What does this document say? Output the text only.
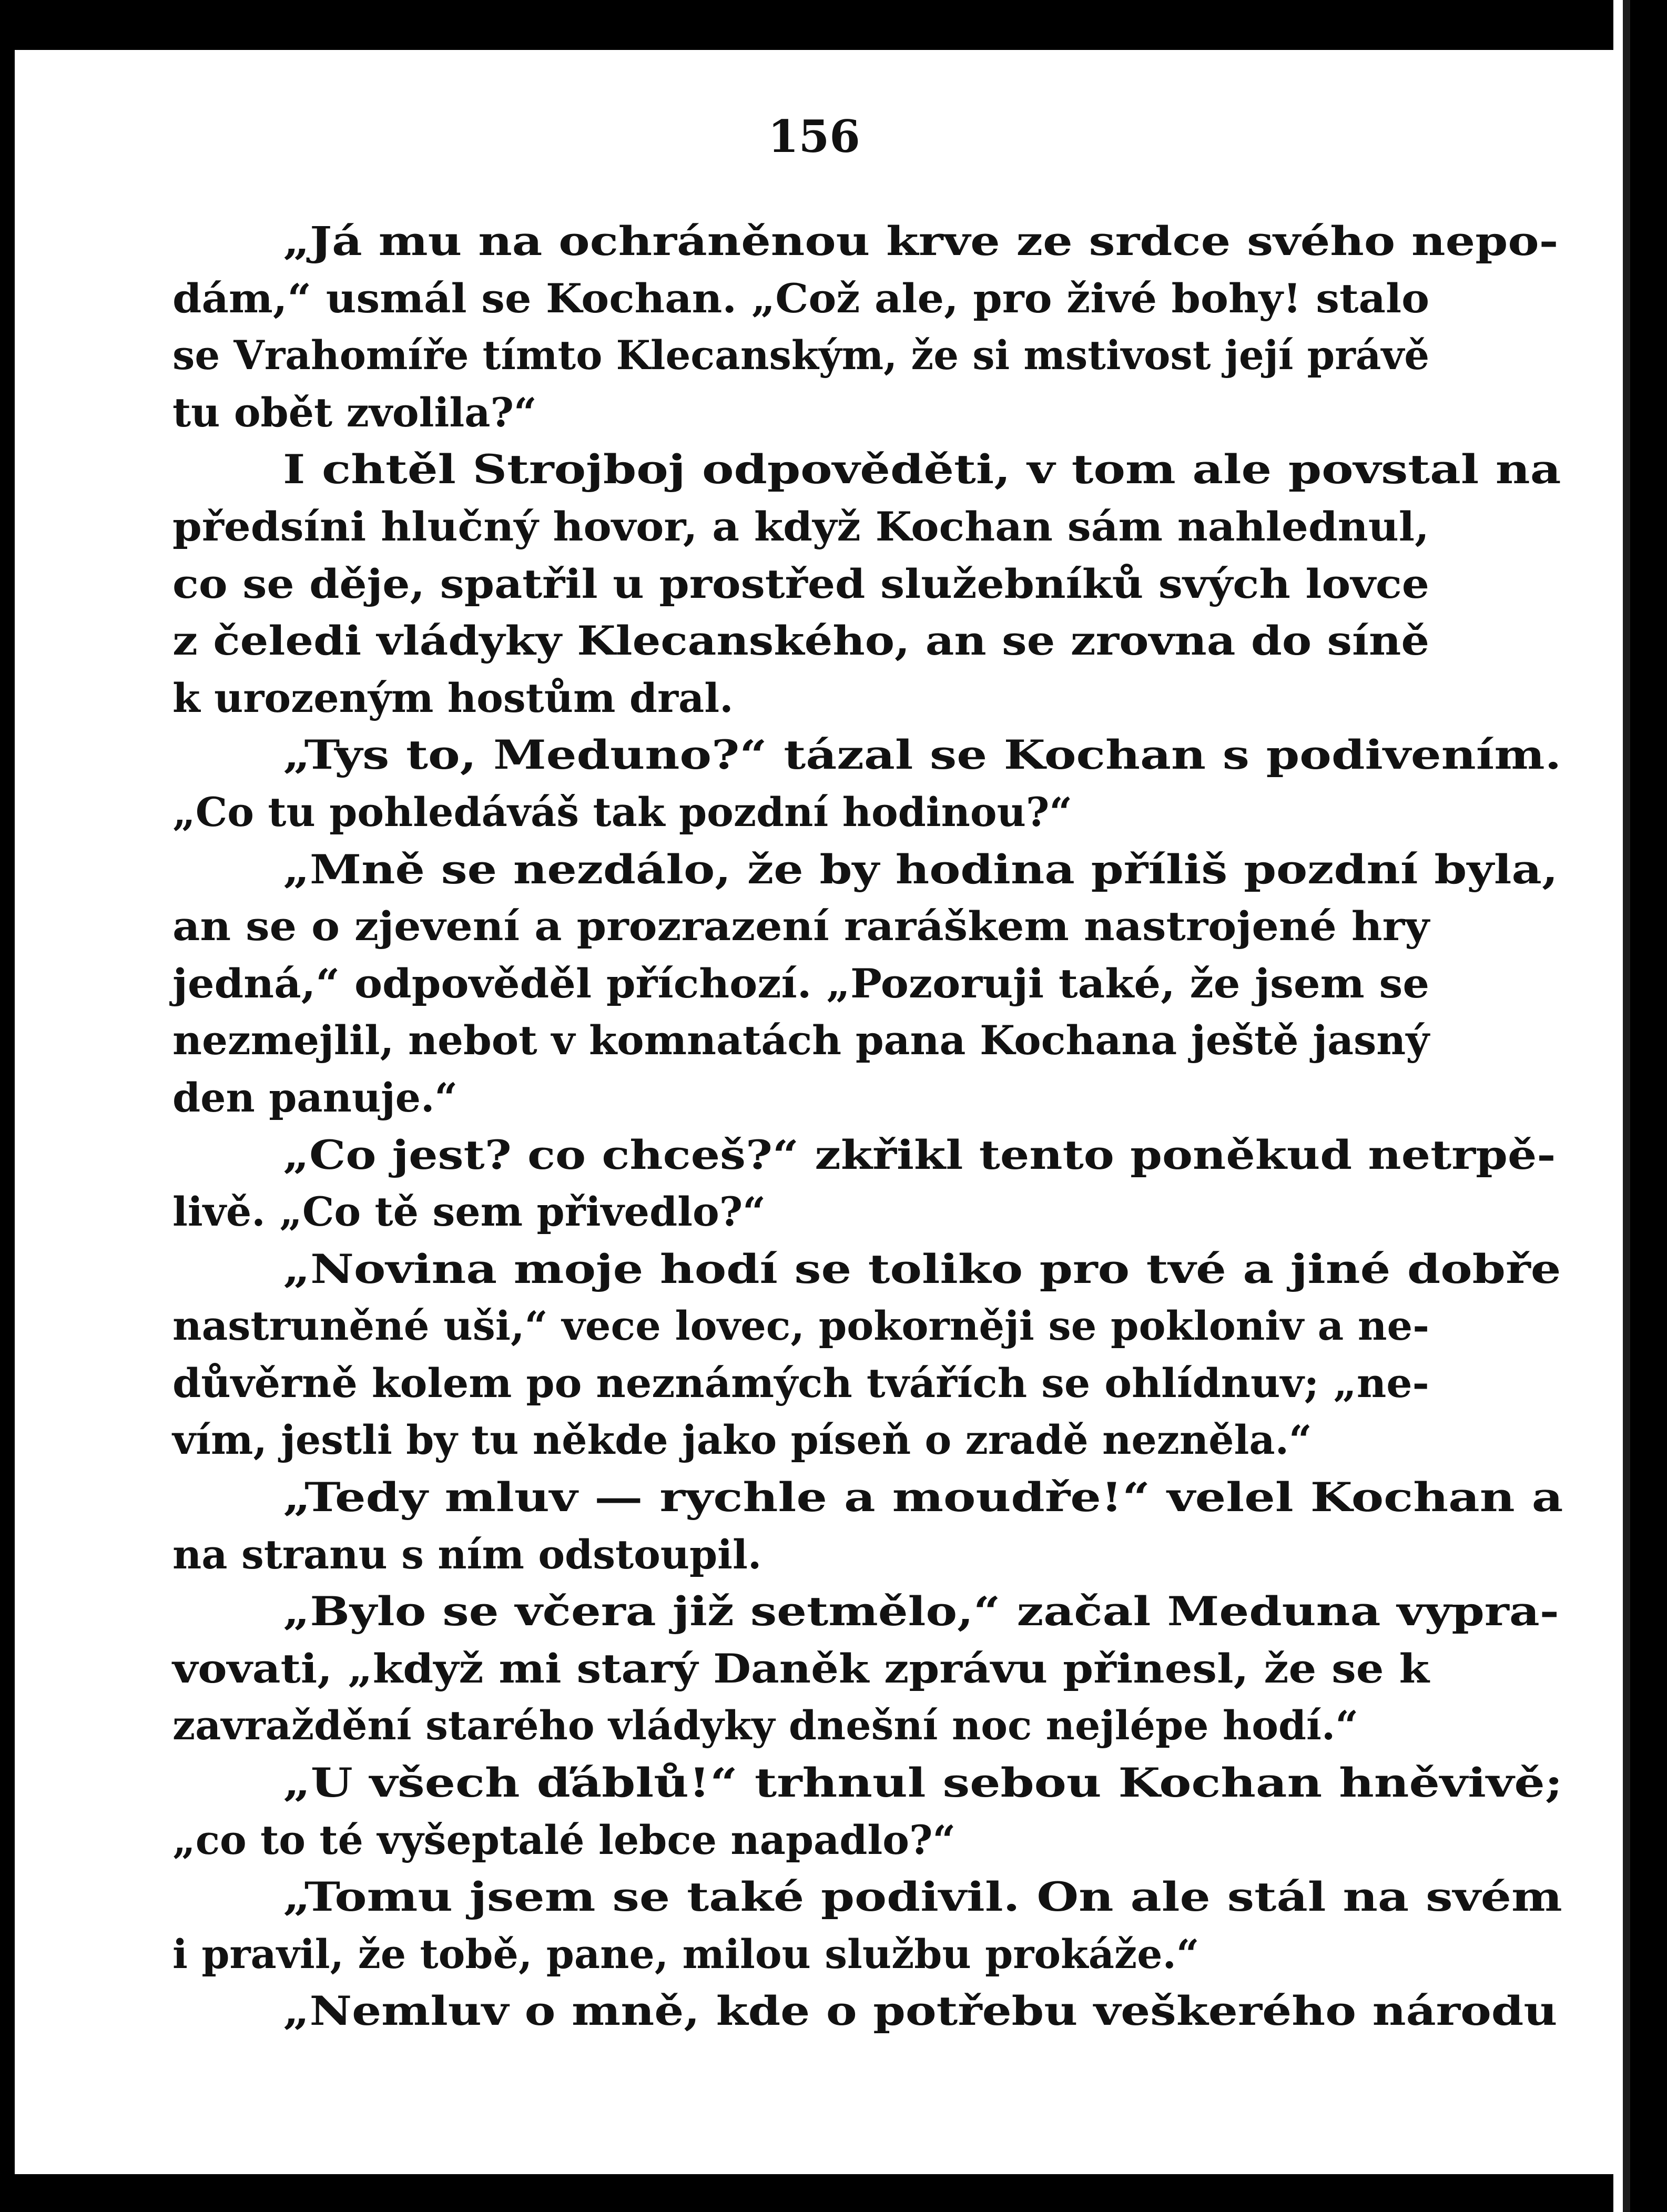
156
„Já mu na ochráněnou krve ze srdce svého nepo-
dám,“ usmál se Kochan. „Což ale, pro živé bohy! stalo
se Vrahomíře tímto Klecanským, že si mstivost její právě
tu obět zvolila?“
I chtěl Strojboj odpověděti, v tom ale povstal na
předsíni hlučný hovor, a když Kochan sám nahlednul,
co se děje, spatřil u prostřed služebníků svých lovce
z čeledi vládyky Klecanského, an se zrovna do síně
k urozeným hostům dral.
„Tys to, Meduno?“ tázal se Kochan s podivením.
„Co tu pohledáváš tak pozdní hodinou?“
„Mně se nezdálo, že by hodina příliš pozdní byla,
an se o zjevení a prozrazení raráškem nastrojené hry
jedná,“ odpověděl příchozí. „Pozoruji také, že jsem se
nezmejlil, nebot v komnatách pana Kochana ještě jasný
den panuje.“
„Co jest? co chceš?“ zkřikl tento poněkud netrpě-
livě. „Co tě sem přivedlo?“
„Novina moje hodí se toliko pro tvé a jiné dobře
nastruněné uši,“ vece lovec, pokorněji se pokloniv a ne-
důvěrně kolem po neznámých tvářích se ohlídnuv; „ne-
vím, jestli by tu někde jako píseň o zradě nezněla.“
„Tedy mluv — rychle a moudře!“ velel Kochan a
na stranu s ním odstoupil.
„Bylo se včera již setmělo,“ začal Meduna vypra-
vovati, „když mi starý Daněk zprávu přinesl, že se k
zavraždění starého vládyky dnešní noc nejlépe hodí.“
„U všech ďáblů!“ trhnul sebou Kochan hněvivě;
„co to té vyšeptalé lebce napadlo?“
„Tomu jsem se také podivil. On ale stál na svém
i pravil, že tobě, pane, milou službu prokáže.“
„Nemluv o mně, kde o potřebu veškerého národu
